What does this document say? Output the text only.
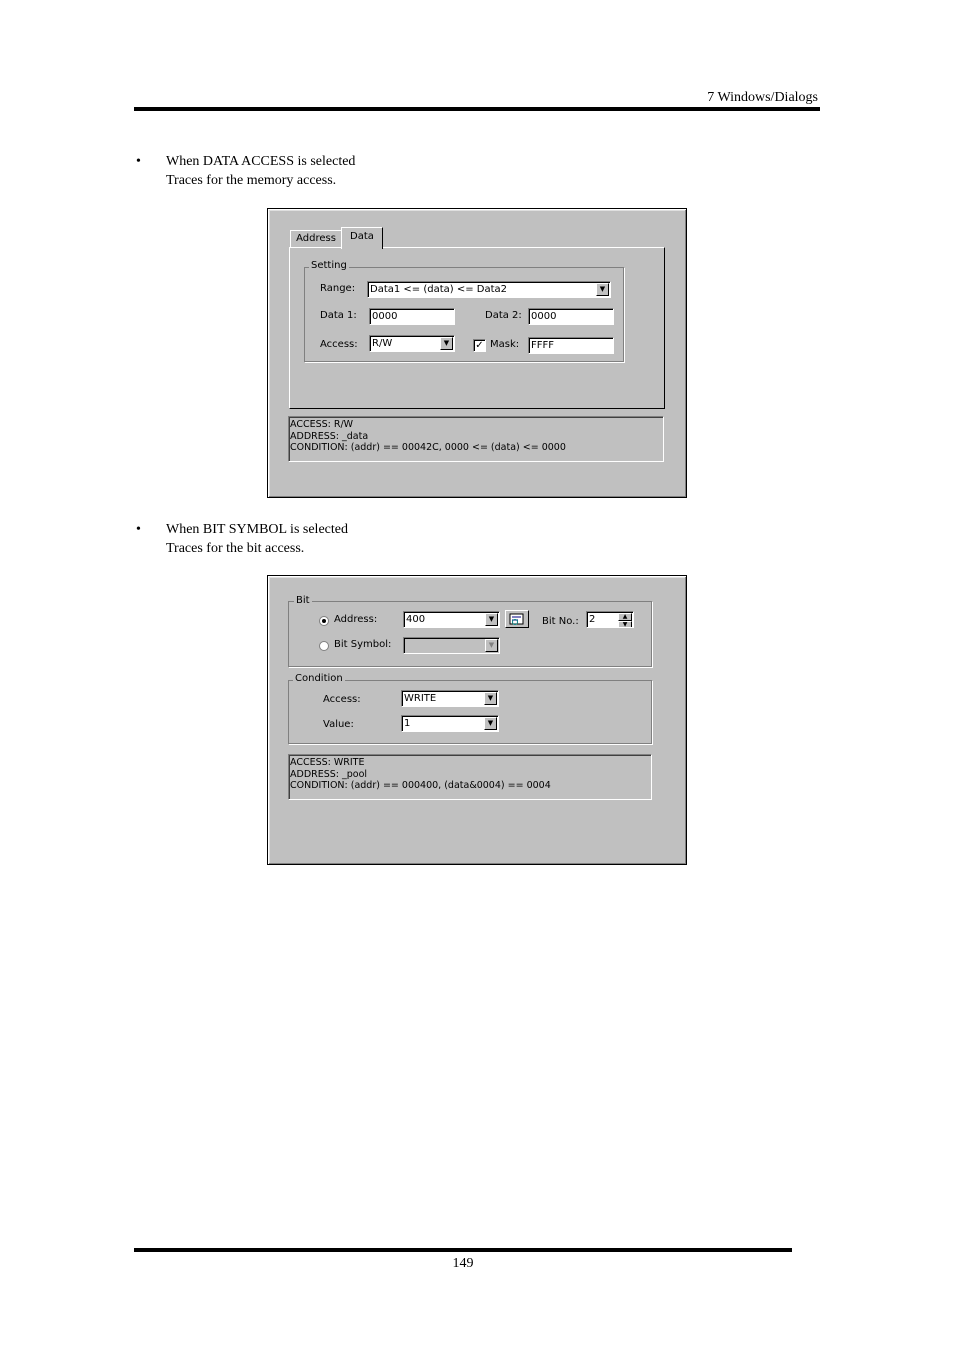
7 Windows/Dialogs
• When DATA ACCESS is selected
Traces for the memory access.
Address	Data
Setting
Range:	Data1 <= (data) <= Data2	▼
Data 1:	0000	Data 2: 0000
Access:	R/W	▼	✓ Mask:	FFFF
ACCESS: R/W
ADDRESS: _data
CONDITION: (addr) == 00042C, 0000 <= (data) <= 0000
• When BIT SYMBOL is selected
Traces for the bit access.
Bit
Address:	400	▼	Bit No.:	2	▲
▼
Bit Symbol:	▼
Condition
Access:	WRITE	▼
Value:	1	▼
ACCESS: WRITE
ADDRESS: _pool
CONDITION: (addr) == 000400, (data&0004) == 0004
149
